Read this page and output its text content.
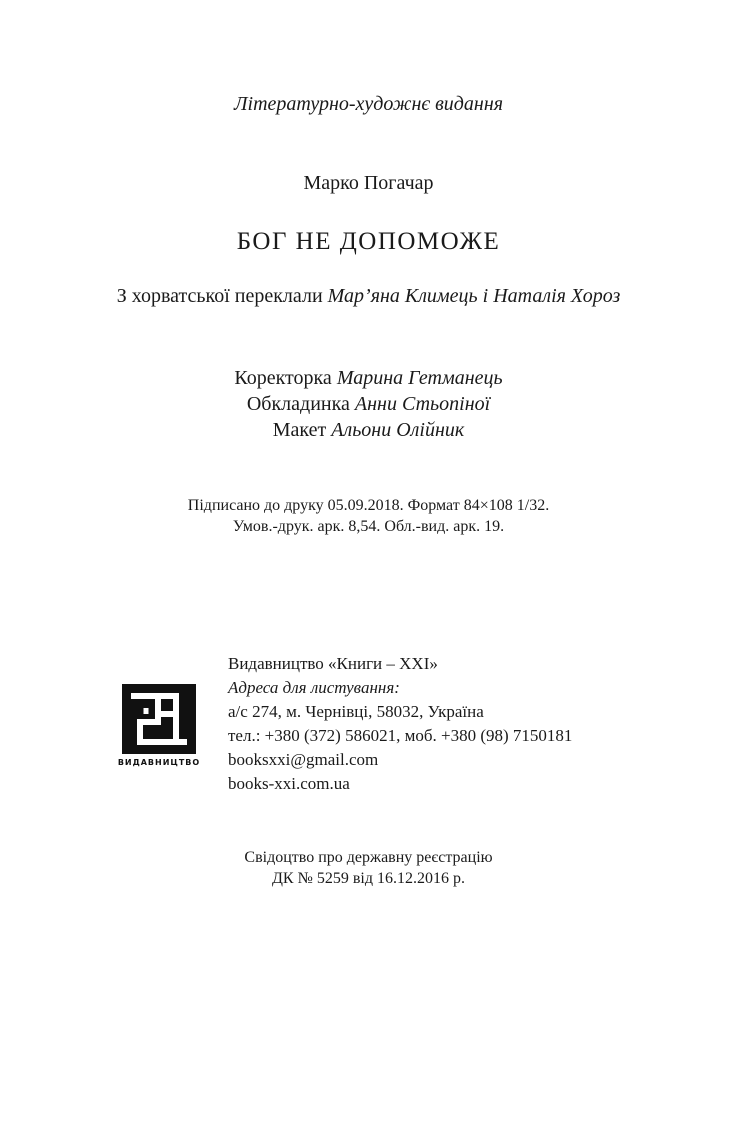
Літературно-художнє видання
Марко Погачар
БОГ НЕ ДОПОМОЖЕ
З хорватської переклали Мар’яна Климець і Наталія Хороз
Коректорка Марина Гетманець
Обкладинка Анни Стьопіної
Макет Альони Олійник
Підписано до друку 05.09.2018. Формат 84×108 1/32.
Умов.-друк. арк. 8,54. Обл.-вид. арк. 19.
ВИДАВНИЦТВО
Видавництво «Книги – XXI»
Адреса для листування:
а/с 274, м. Чернівці, 58032, Україна
тел.: +380 (372) 586021, моб. +380 (98) 7150181
booksxxi@gmail.com
books-xxi.com.ua
Свідоцтво про державну реєстрацію
ДК № 5259 від 16.12.2016 р.
